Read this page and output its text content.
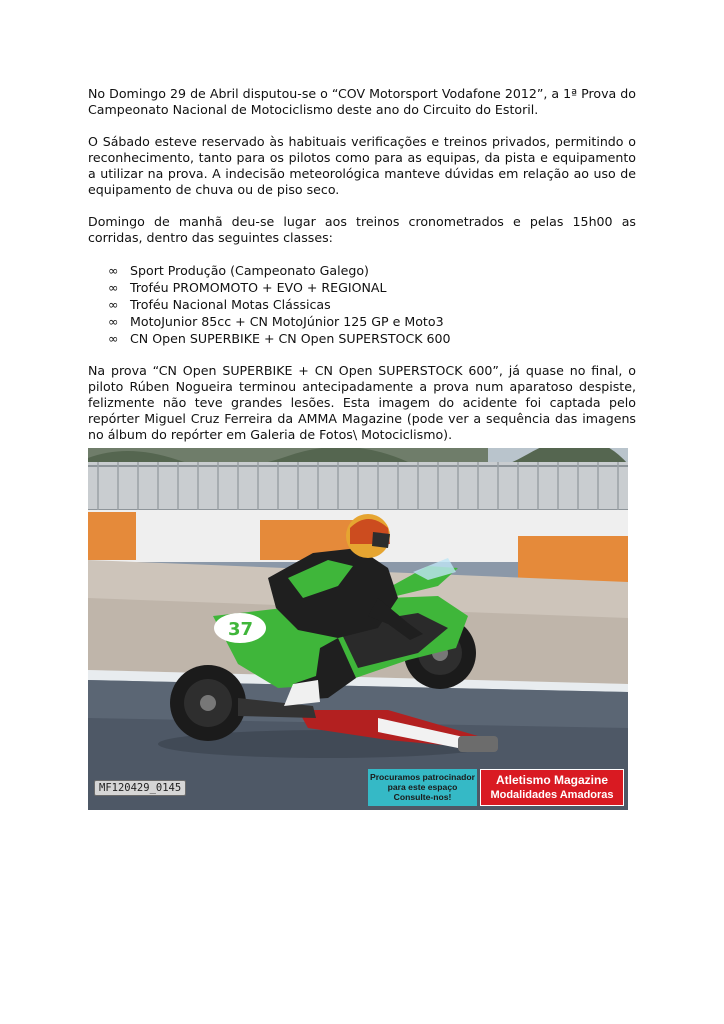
No Domingo 29 de Abril disputou-se o “COV Motorsport Vodafone 2012”, a 1ª Prova do Campeonato Nacional de Motociclismo deste ano do Circuito do Estoril.

O Sábado esteve reservado às habituais verificações e treinos privados, permitindo o reconhecimento, tanto para os pilotos como para as equipas, da pista e equipamento a utilizar na prova. A indecisão meteorológica manteve dúvidas em relação ao uso de equipamento de chuva ou de piso seco.

Domingo de manhã deu-se lugar aos treinos cronometrados e pelas 15h00 as corridas, dentro das seguintes classes:

∞ Sport Produção (Campeonato Galego)
∞ Troféu PROMOMOTO + EVO + REGIONAL
∞ Troféu Nacional Motas Clássicas
∞ MotoJunior 85cc + CN MotoJúnior 125 GP e Moto3
∞ CN Open SUPERBIKE + CN Open SUPERSTOCK 600

Na prova “CN Open SUPERBIKE + CN Open SUPERSTOCK 600”, já quase no final, o piloto Rúben Nogueira terminou antecipadamente a prova num aparatoso despiste, felizmente não teve grandes lesões. Esta imagem do acidente foi captada pelo repórter Miguel Cruz Ferreira da AMMA Magazine (pode ver a sequência das imagens no álbum do repórter em Galeria de Fotos\ Motociclismo).

37
MF120429_0145
Procuramos patrocinador
para este espaço
Consulte-nos!
Atletismo Magazine
Modalidades Amadoras
